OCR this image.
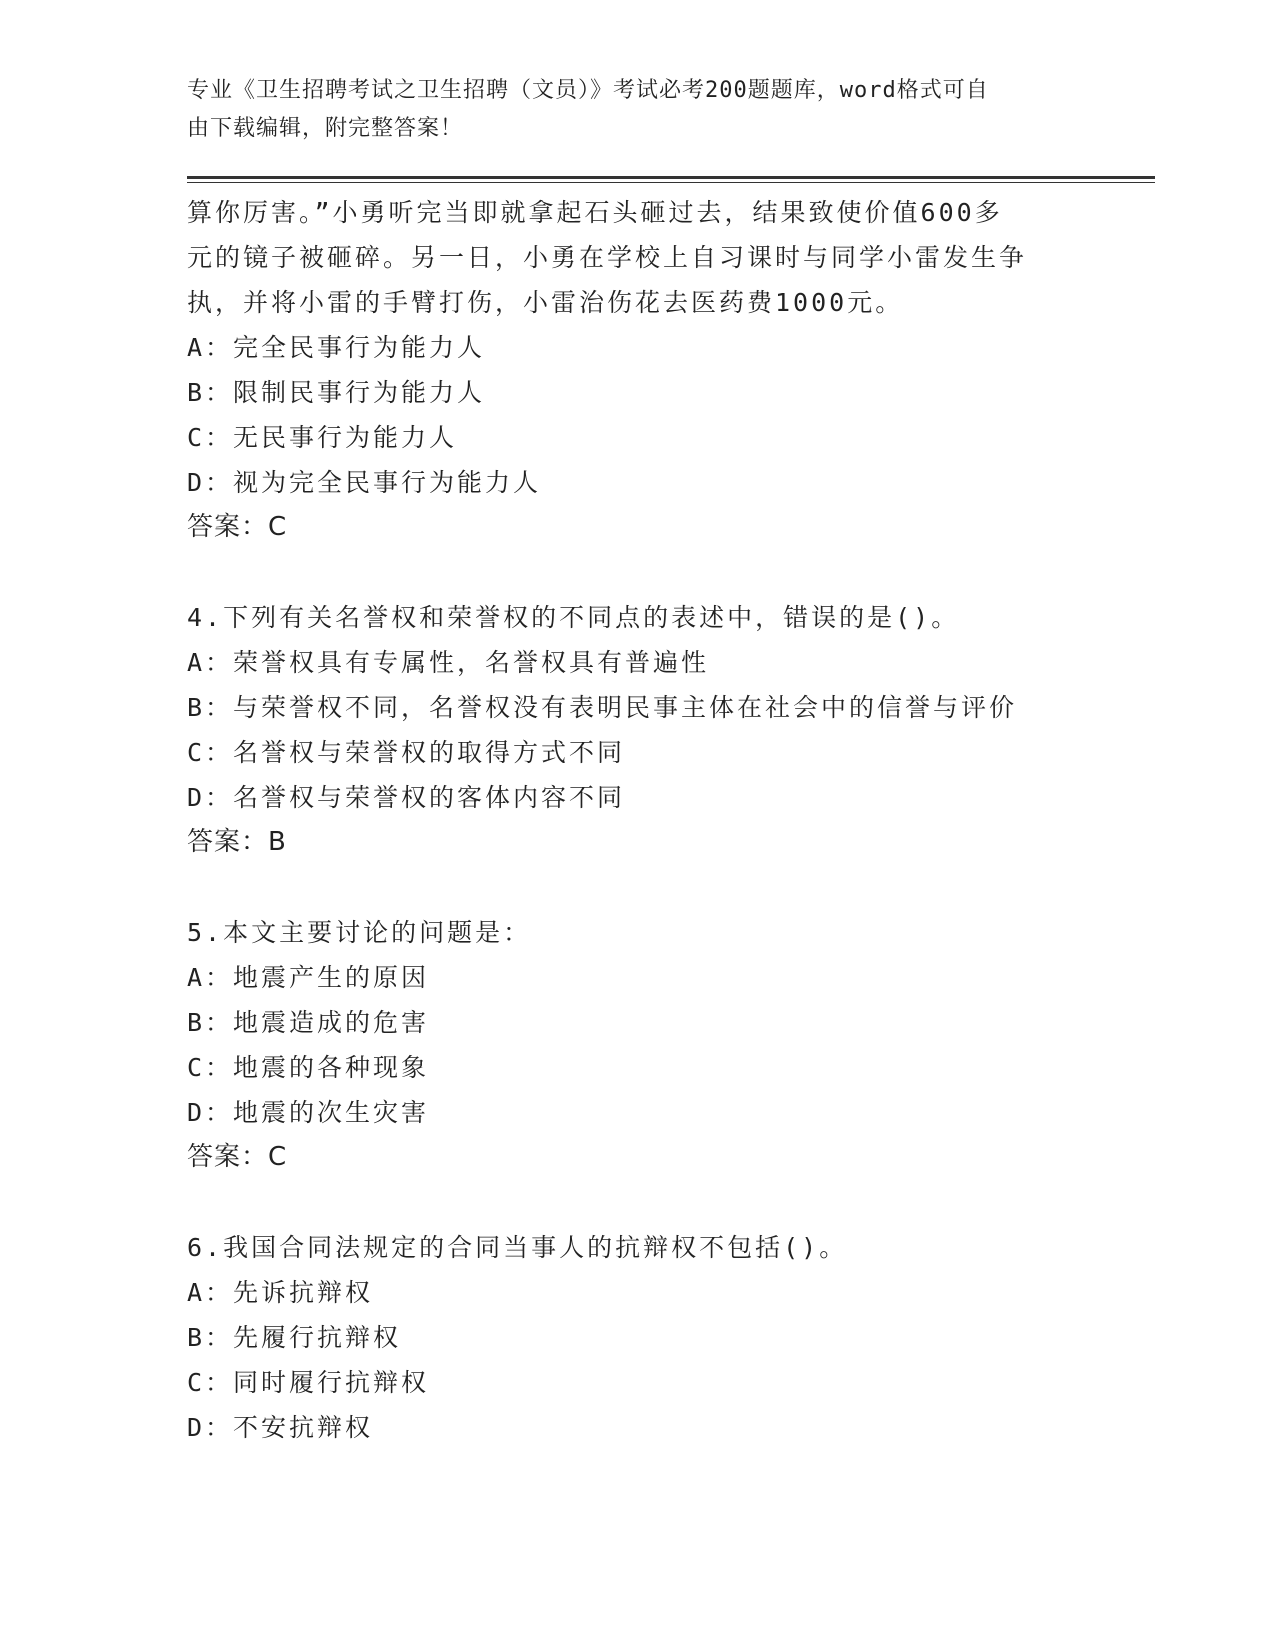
专业《卫生招聘考试之卫生招聘（文员）》考试必考200题题库，word格式可自
由下载编辑，附完整答案！
算你厉害。”小勇听完当即就拿起石头砸过去，结果致使价值600多
元的镜子被砸碎。另一日，小勇在学校上自习课时与同学小雷发生争
执，并将小雷的手臂打伤，小雷治伤花去医药费1000元。
A：完全民事行为能力人
B：限制民事行为能力人
C：无民事行为能力人
D：视为完全民事行为能力人
答案：C
4.下列有关名誉权和荣誉权的不同点的表述中，错误的是()。
A：荣誉权具有专属性，名誉权具有普遍性
B：与荣誉权不同，名誉权没有表明民事主体在社会中的信誉与评价
C：名誉权与荣誉权的取得方式不同
D：名誉权与荣誉权的客体内容不同
答案：B
5.本文主要讨论的问题是：
A：地震产生的原因
B：地震造成的危害
C：地震的各种现象
D：地震的次生灾害
答案：C
6.我国合同法规定的合同当事人的抗辩权不包括()。
A：先诉抗辩权
B：先履行抗辩权
C：同时履行抗辩权
D：不安抗辩权
